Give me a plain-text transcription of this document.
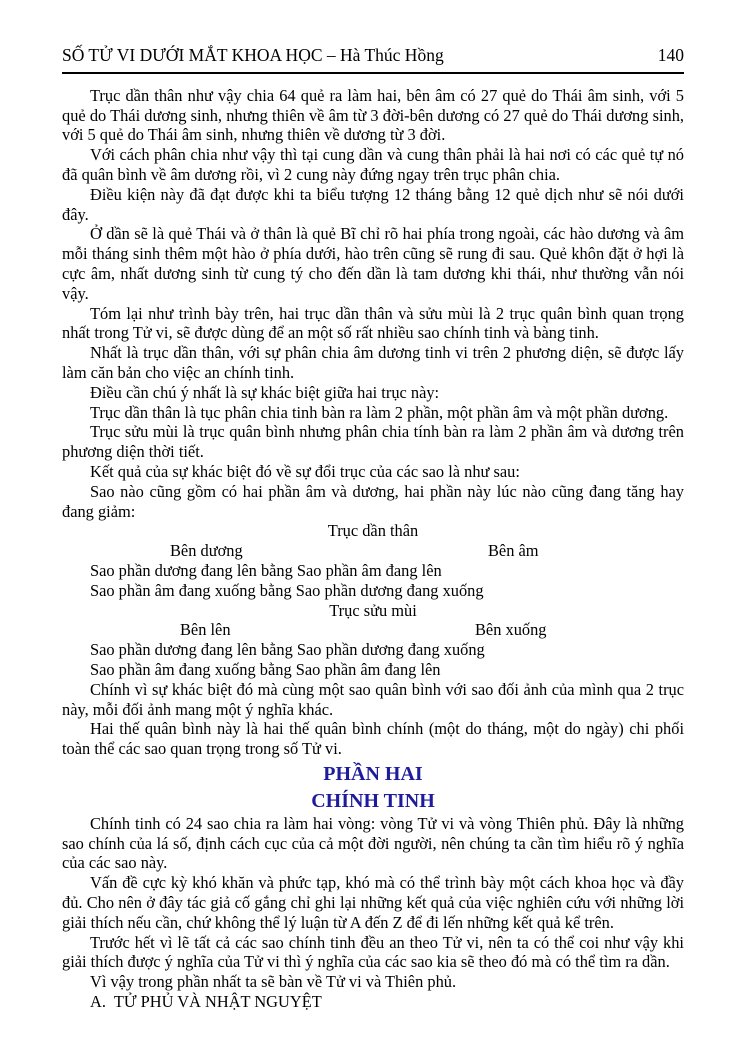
SỐ TỬ VI DƯỚI MẮT KHOA HỌC – Hà Thúc Hồng	140

Trục dần thân như vậy chia 64 quẻ ra làm hai, bên âm có 27 quẻ do Thái âm sinh, với 5 quẻ do Thái dương sinh, nhưng thiên về âm từ 3 đời-bên dương có 27 quẻ do Thái dương sinh, với 5 quẻ do Thái âm sinh, nhưng thiên về dương từ 3 đời.

Với cách phân chia như vậy thì tại cung dần và cung thân phải là hai nơi có các quẻ tự nó đã quân bình về âm dương rồi, vì 2 cung này đứng ngay trên trục phân chia.

Điều kiện này đã đạt được khi ta biểu tượng 12 tháng bằng 12 quẻ dịch như sẽ nói dưới đây.

Ở dần sẽ là quẻ Thái và ở thân là quẻ Bĩ chỉ rõ hai phía trong ngoài, các hào dương và âm mỗi tháng sinh thêm một hào ở phía dưới, hào trên cũng sẽ rung đi sau. Quẻ khôn đặt ở hợi là cực âm, nhất dương sinh từ cung tý cho đến dần là tam dương khi thái, như thường vẫn nói vậy.

Tóm lại như trình bày trên, hai trục dần thân và sửu mùi là 2 trục quân bình quan trọng nhất trong Tử vi, sẽ được dùng để an một số rất nhiều sao chính tinh và bàng tinh.

Nhất là trục dần thân, với sự phân chia âm dương tinh vi trên 2 phương diện, sẽ được lấy làm căn bản cho việc an chính tinh.

Điều cần chú ý nhất là sự khác biệt giữa hai trục này:

Trục dần thân là tục phân chia tinh bàn ra làm 2 phần, một phần âm và một phần dương.

Trục sửu mùi là trục quân bình nhưng phân chia tính bàn ra làm 2 phần âm và dương trên phương diện thời tiết.

Kết quả của sự khác biệt đó về sự đổi trục của các sao là như sau:

Sao nào cũng gồm có hai phần âm và dương, hai phần này lúc nào cũng đang tăng hay đang giảm:

Trục dần thân
Bên dương	Bên âm
Sao phần dương đang lên bằng Sao phần âm đang lên
Sao phần âm đang xuống bằng Sao phần dương đang xuống
Trục sửu mùi
Bên lên	Bên xuống
Sao phần dương đang lên bằng Sao phần dương đang xuống
Sao phần âm đang xuống bằng Sao phần âm đang lên

Chính vì sự khác biệt đó mà cùng một sao quân bình với sao đối ảnh của mình qua 2 trục này, mỗi đối ảnh mang một ý nghĩa khác.

Hai thế quân bình này là hai thế quân bình chính (một do tháng, một do ngày) chi phối toàn thể các sao quan trọng trong số Tử vi.

PHẦN HAI
CHÍNH TINH

Chính tinh có 24 sao chia ra làm hai vòng: vòng Tử vi và vòng Thiên phủ. Đây là những sao chính của lá số, định cách cục của cả một đời người, nên chúng ta cần tìm hiểu rõ ý nghĩa của các sao này.

Vấn đề cực kỳ khó khăn và phức tạp, khó mà có thể trình bày một cách khoa học và đầy đủ. Cho nên ở đây tác giả cố gắng chỉ ghi lại những kết quả của việc nghiên cứu với những lời giải thích nếu cần, chứ không thể lý luận từ A đến Z để đi lến những kết quả kể trên.

Trước hết vì lẽ tất cả các sao chính tinh đều an theo Tử vi, nên ta có thể coi như vậy khi giải thích được ý nghĩa của Tử vi thì ý nghĩa của các sao kia sẽ theo đó mà có thể tìm ra dần.

Vì vậy trong phần nhất ta sẽ bàn về Tử vi và Thiên phủ.

A.  TỬ PHỦ VÀ NHẬT NGUYỆT
